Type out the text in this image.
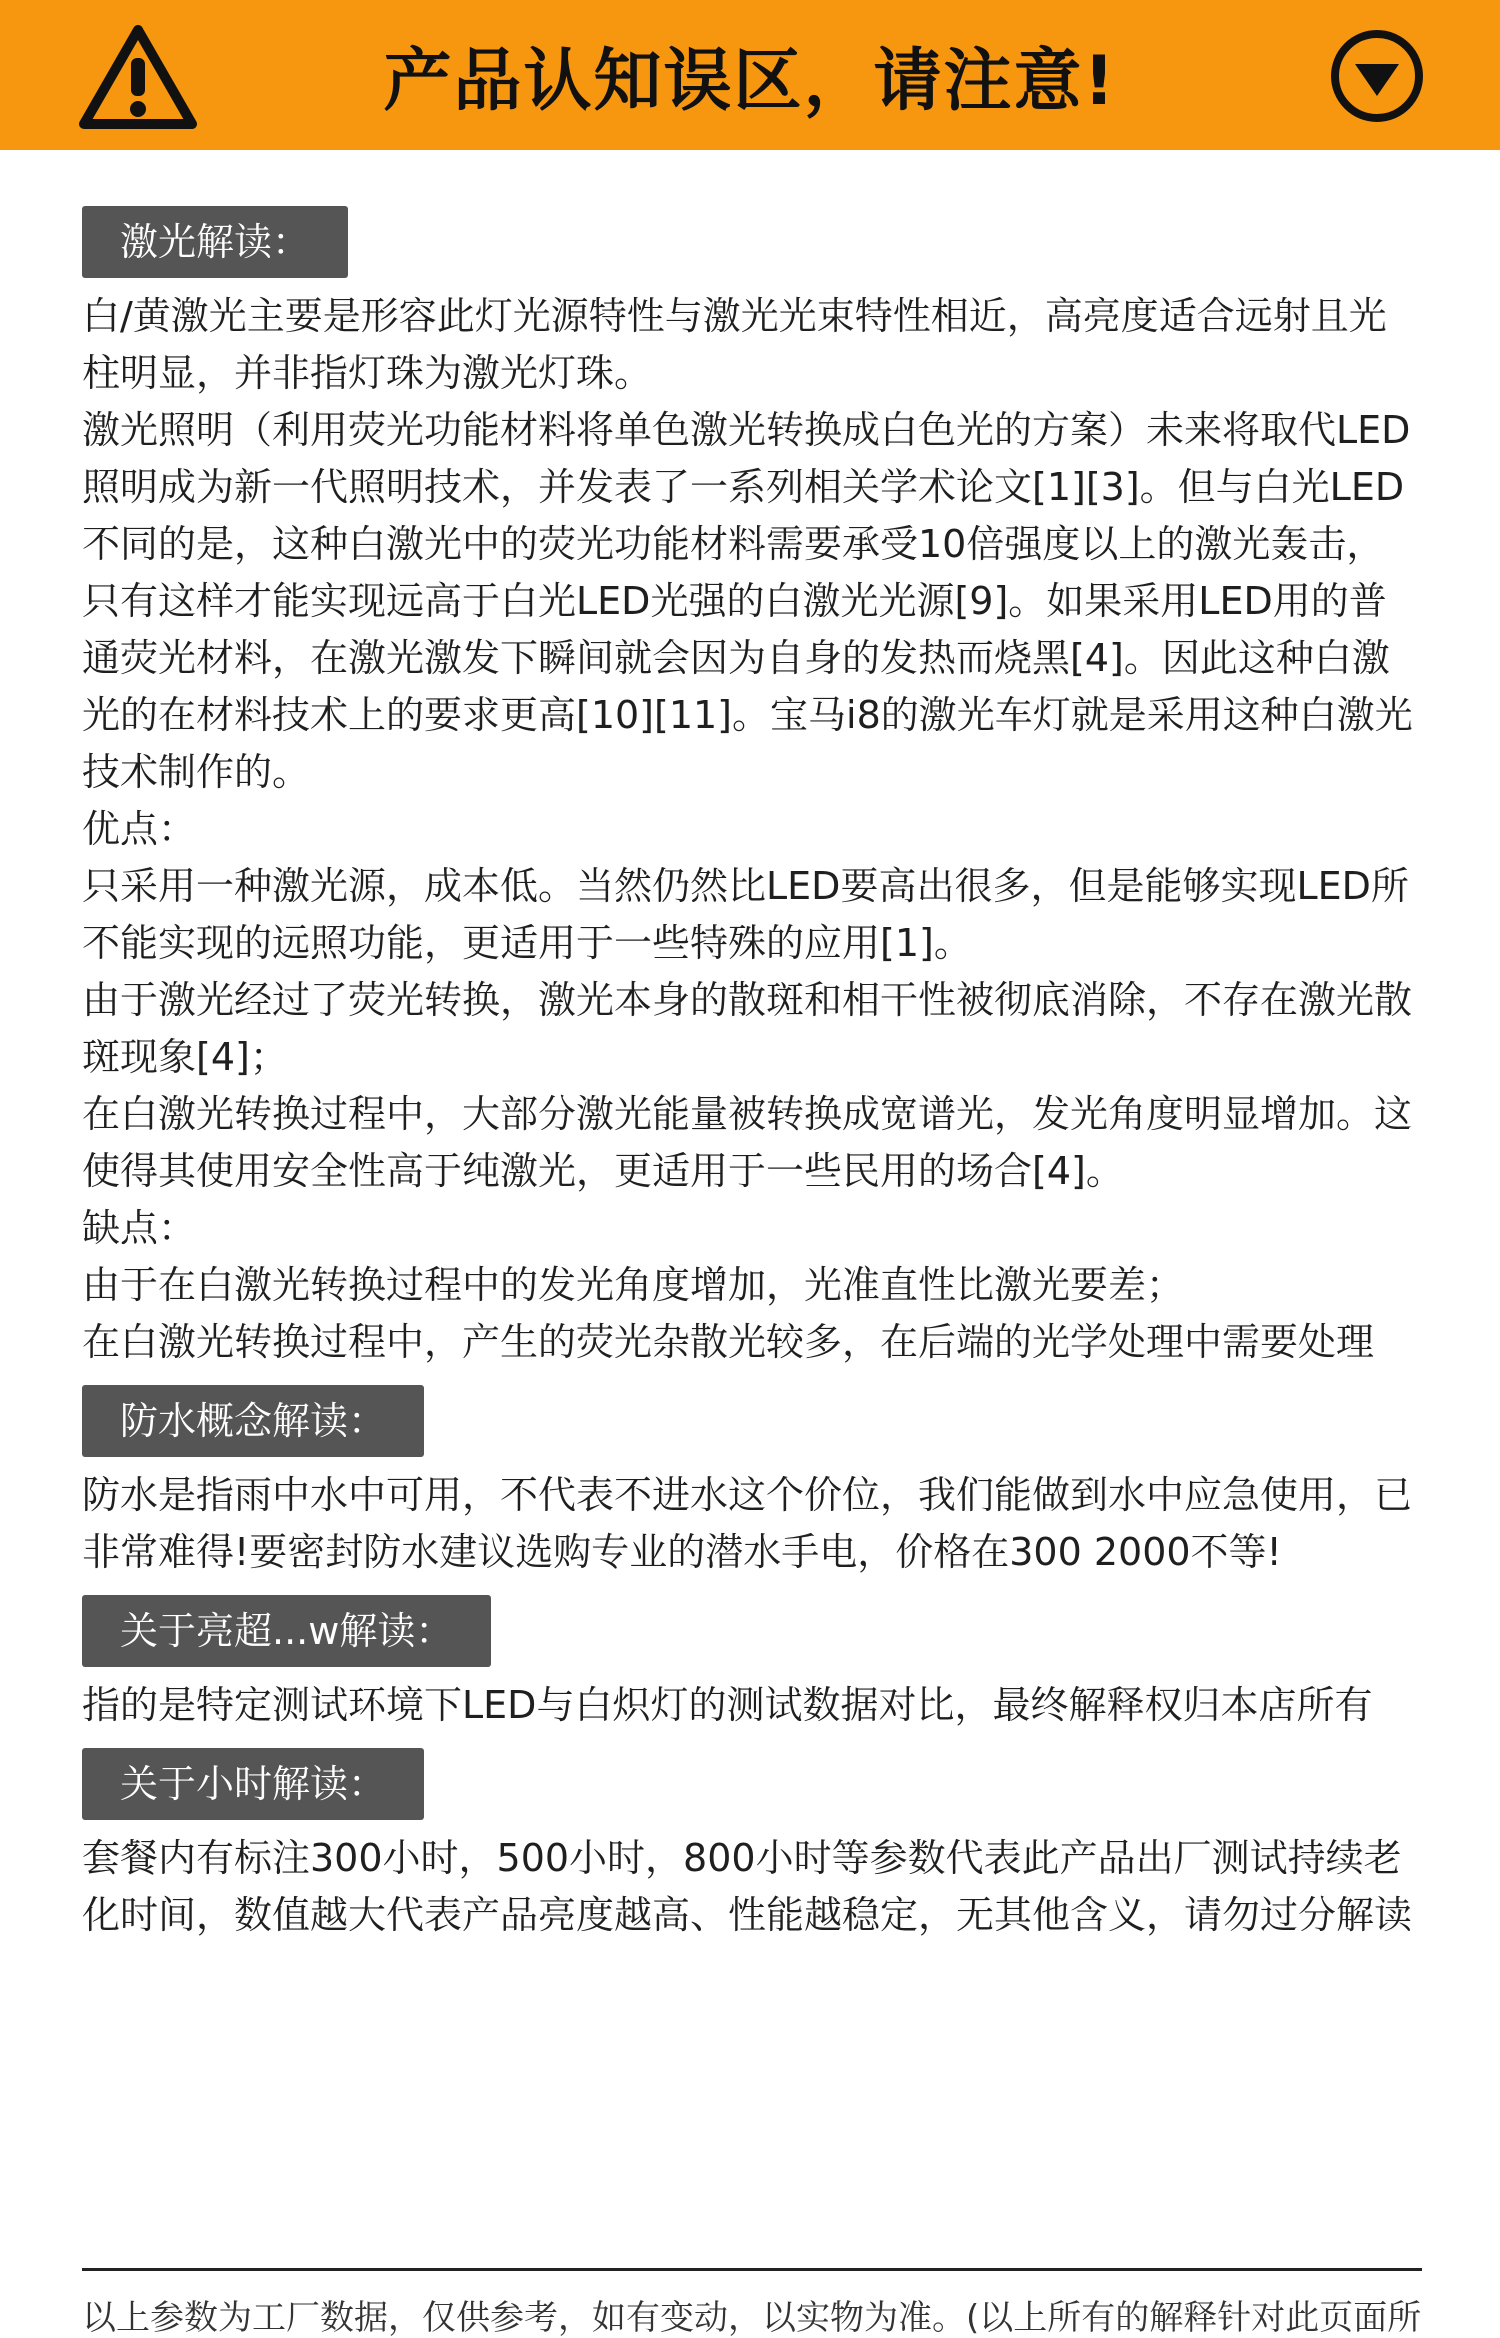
产品认知误区，请注意!
激光解读：

白/黄激光主要是形容此灯光源特性与激光光束特性相近，高亮度适合远射且光柱明显，并非指灯珠为激光灯珠。

激光照明（利用荧光功能材料将单色激光转换成白色光的方案）未来将取代LED照明成为新一代照明技术，并发表了一系列相关学术论文[1][3]。但与白光LED不同的是，这种白激光中的荧光功能材料需要承受10倍强度以上的激光轰击，只有这样才能实现远高于白光LED光强的白激光光源[9]。如果采用LED用的普通荧光材料，在激光激发下瞬间就会因为自身的发热而烧黑[4]。因此这种白激光的在材料技术上的要求更高[10][11]。宝马i8的激光车灯就是采用这种白激光技术制作的。

优点：

只采用一种激光源，成本低。当然仍然比LED要高出很多，但是能够实现LED所不能实现的远照功能，更适用于一些特殊的应用[1]。

由于激光经过了荧光转换，激光本身的散斑和相干性被彻底消除，不存在激光散斑现象[4]；

在白激光转换过程中，大部分激光能量被转换成宽谱光，发光角度明显增加。这使得其使用安全性高于纯激光，更适用于一些民用的场合[4]。

缺点：

由于在白激光转换过程中的发光角度增加，光准直性比激光要差；

在白激光转换过程中，产生的荧光杂散光较多，在后端的光学处理中需要处理

防水概念解读：

防水是指雨中水中可用，不代表不进水这个价位，我们能做到水中应急使用，已非常难得!要密封防水建议选购专业的潜水手电，价格在300 2000不等!

关于亮超...w解读：

指的是特定测试环境下LED与白炽灯的测试数据对比，最终解释权归本店所有

关于小时解读：

套餐内有标注300小时，500小时，800小时等参数代表此产品出厂测试持续老化时间，数值越大代表产品亮度越高、性能越稳定，无其他含义，请勿过分解读

以上参数为工厂数据，仅供参考，如有变动，以实物为准。(以上所有的解释针对此页面所
